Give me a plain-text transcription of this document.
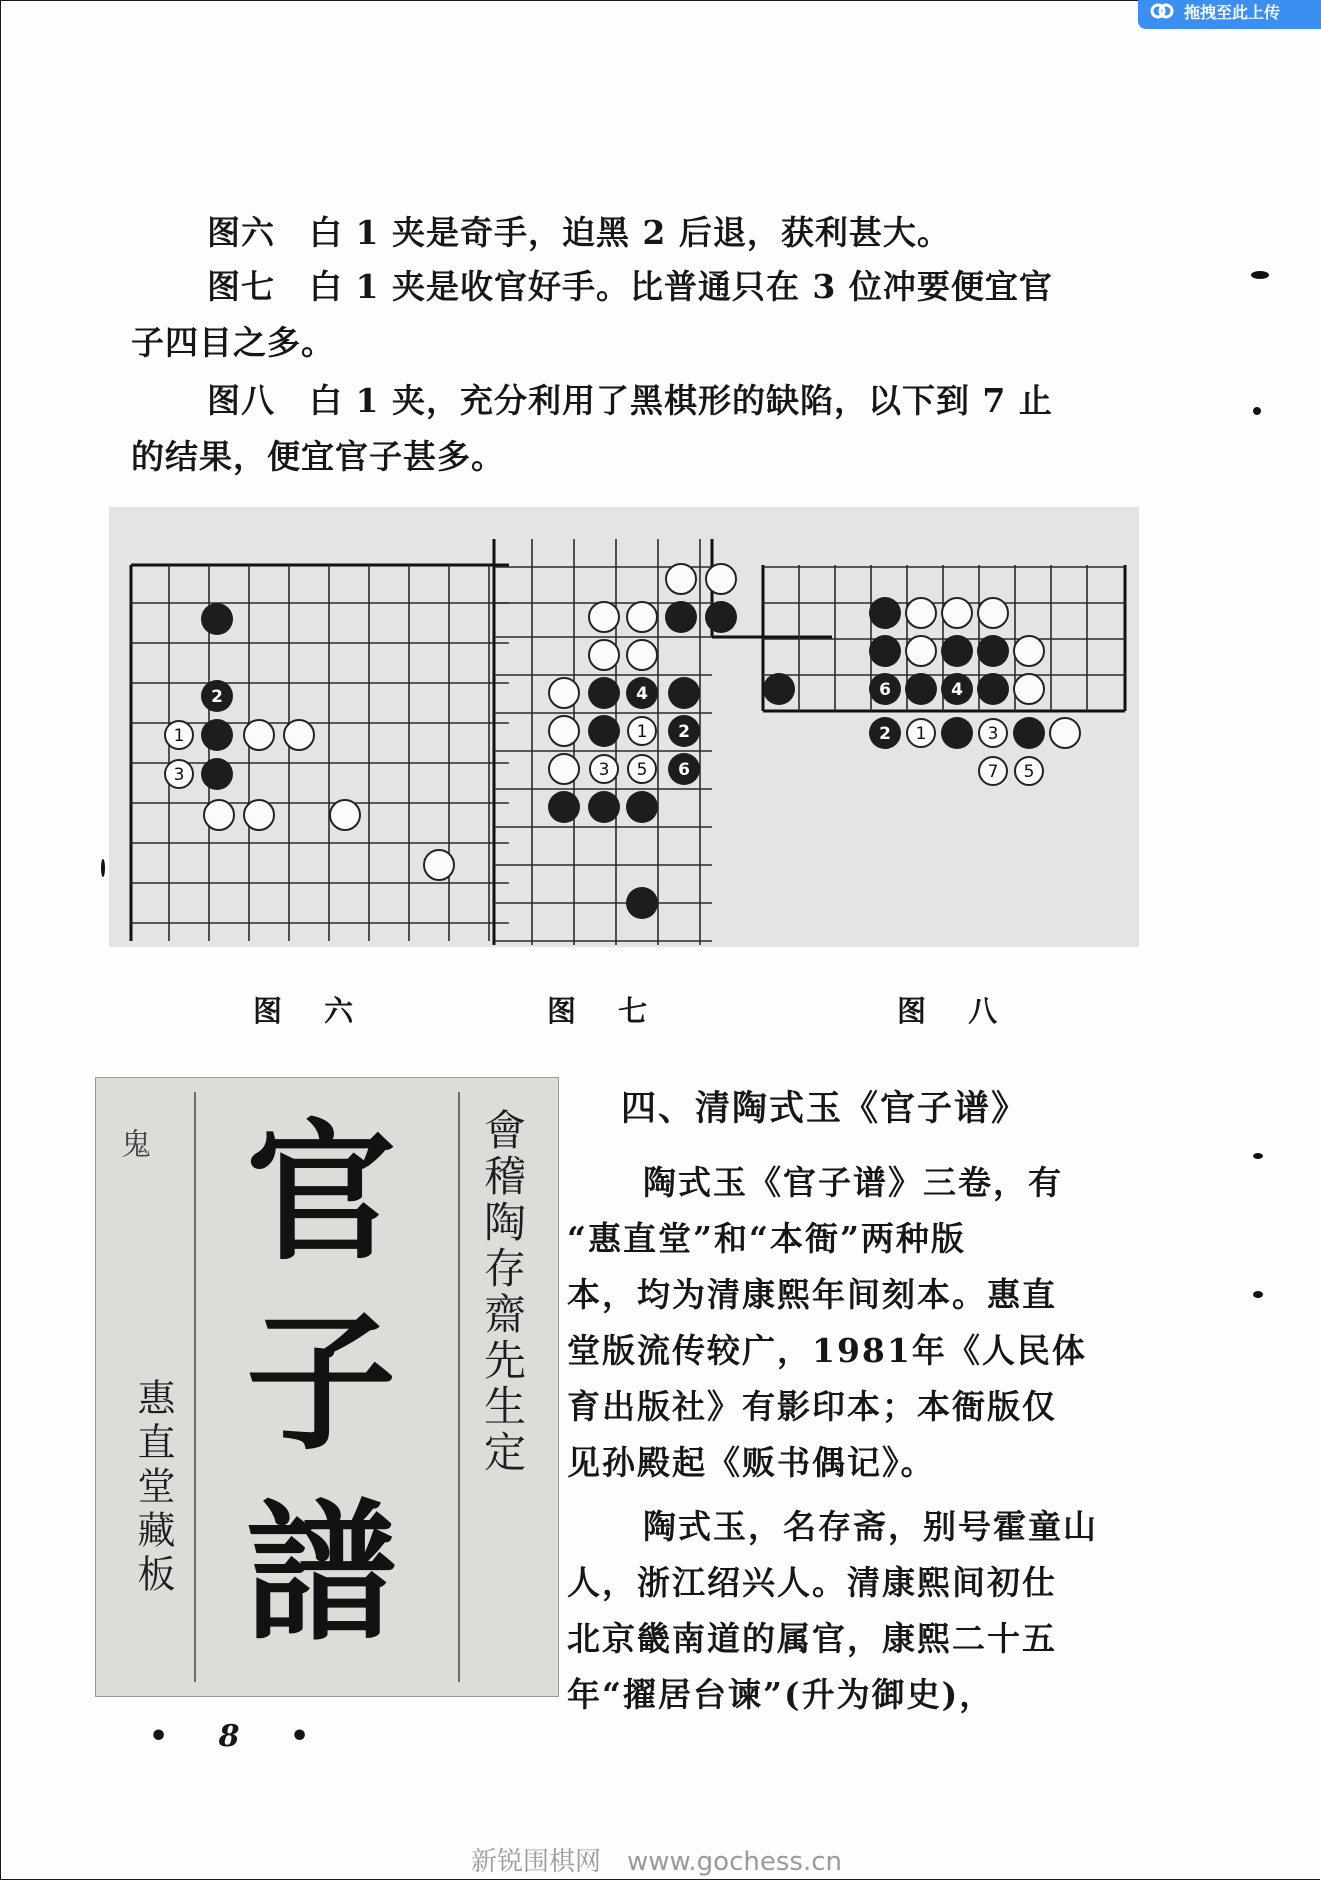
拖拽至此上传
图六　白 1 夹是奇手，迫黑 2 后退，获利甚大。
图七　白 1 夹是收官好手。比普通只在 3 位冲要便宜官
子四目之多。
图八　白 1 夹，充分利用了黑棋形的缺陷，以下到 7 止
的结果，便宜官子甚多。
2
1
3
4
1 2
3 5 6
6	4
2 1	3
7 5
图 六	图 七	图 八
鬼 官
子
譜
會稽陶存齋先生定
惠直堂藏板
四、清陶式玉《官子谱》
陶式玉《官子谱》三卷，有
“惠直堂”和“本衙”两种版
本，均为清康熙年间刻本。惠直
堂版流传较广，1981年《人民体
育出版社》有影印本；本衙版仅
见孙殿起《贩书偶记》。
陶式玉，名存斋，别号霍童山
人，浙江绍兴人。清康熙间初仕
北京畿南道的属官，康熙二十五
年“擢居台谏”(升为御史)，
• 8 •
新锐围棋网　www.gochess.cn
